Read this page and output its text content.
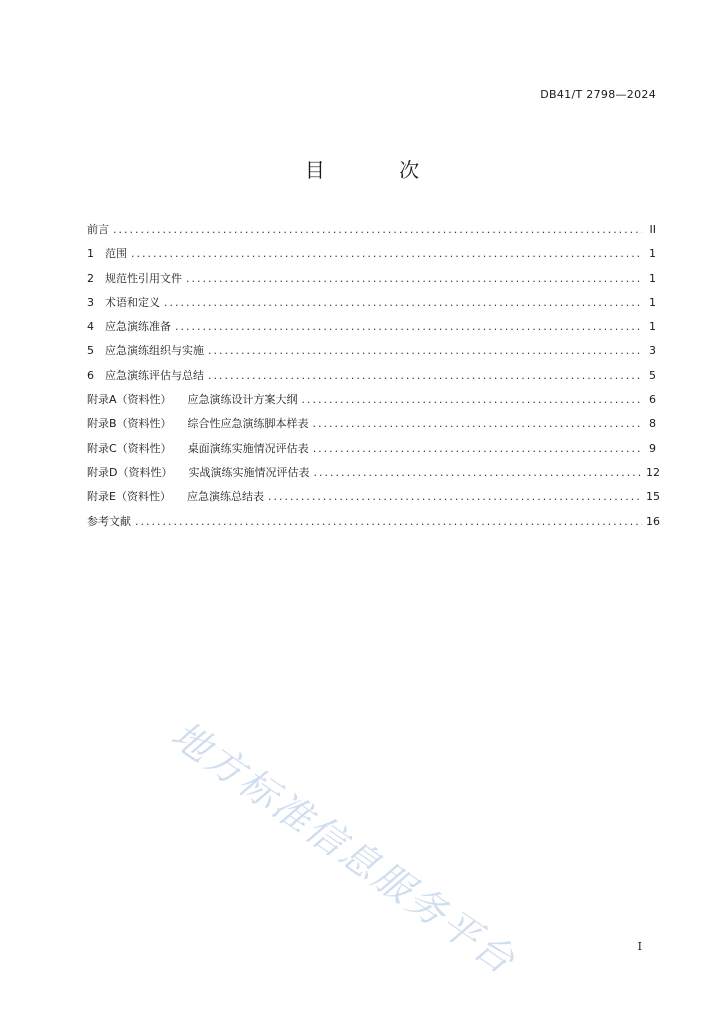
DB41/T 2798—2024
目 次
前言 .....	II
1 范围 .....	1
2 规范性引用文件 .....	1
3 术语和定义 .....	1
4 应急演练准备 .....	1
5 应急演练组织与实施 .....	3
6 应急演练评估与总结 .....	5
附录A（资料性） 应急演练设计方案大纲 .....	6
附录B（资料性） 综合性应急演练脚本样表 .....	8
附录C（资料性） 桌面演练实施情况评估表 .....	9
附录D（资料性） 实战演练实施情况评估表 .....	12
附录E（资料性） 应急演练总结表 .....	15
参考文献 .....	16
地方标准信息服务平台	I
